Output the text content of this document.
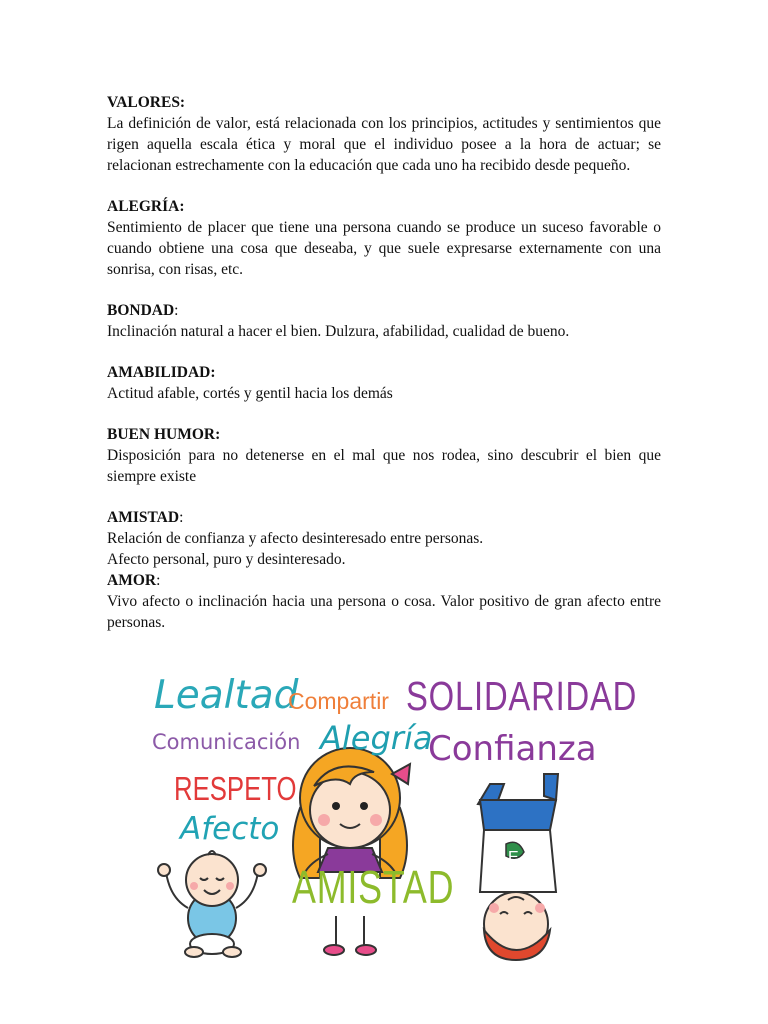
VALORES:

La definición de valor, está relacionada con los principios, actitudes y sentimientos que rigen aquella escala ética y moral que el individuo posee a la hora de actuar; se relacionan estrechamente con la educación que cada uno ha recibido desde pequeño.

ALEGRÍA:

Sentimiento de placer que tiene una persona cuando se produce un suceso favorable o cuando obtiene una cosa que deseaba, y que suele expresarse externamente con una sonrisa, con risas, etc.

BONDAD:

Inclinación natural a hacer el bien. Dulzura, afabilidad, cualidad de bueno.

AMABILIDAD:

Actitud afable, cortés y gentil hacia los demás

BUEN HUMOR:

Disposición para no detenerse en el mal que nos rodea, sino descubrir el bien que siempre existe

AMISTAD:

Relación de confianza y afecto desinteresado entre personas.

Afecto personal, puro y desinteresado.

AMOR:

Vivo afecto o inclinación hacia una persona o cosa. Valor positivo de gran afecto entre personas.

E
Lealtad
Compartir SOLIDARIDAD
Comunicación Alegría
Confianza
RESPETO
Afecto
AMISTAD
